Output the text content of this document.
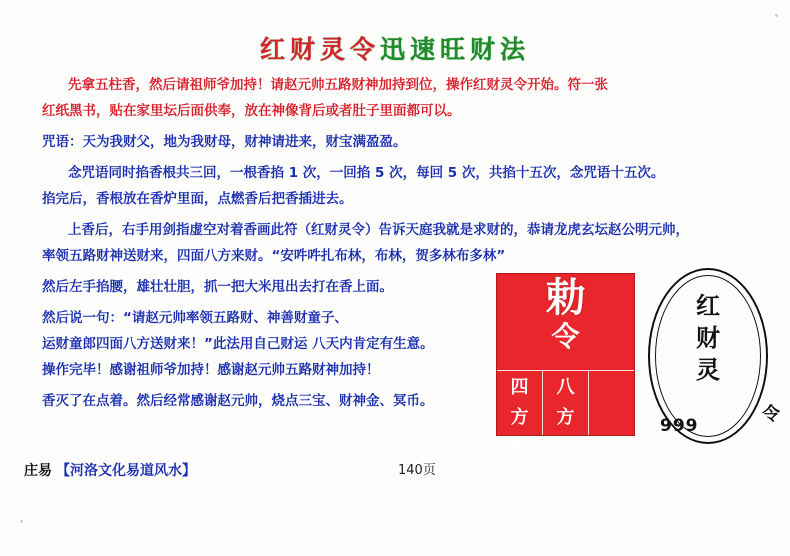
红财灵令迅速旺财法
先拿五柱香，然后请祖师爷加持！请赵元帅五路财神加持到位，操作红财灵令开始。符一张
红纸黑书，贴在家里坛后面供奉，放在神像背后或者肚子里面都可以。
咒语：天为我财父，地为我财母，财神请进来，财宝满盈盈。
念咒语同时掐香根共三回，一根香掐 1 次，一回掐 5 次，每回 5 次，共掐十五次，念咒语十五次。
掐完后，香根放在香炉里面，点燃香后把香插进去。
上香后，右手用剑指虚空对着香画此符（红财灵令）告诉天庭我就是求财的，恭请龙虎玄坛赵公明元帅，
率领五路财神送财来，四面八方来财。“安吽吽扎布林，布林，贺多林布多林”
然后左手掐腰，雄壮壮胆，抓一把大米甩出去打在香上面。
然后说一句：“请赵元帅率领五路财、神善财童子、
运财童郎四面八方送财来！”此法用自己财运 八天内肯定有生意。
操作完毕！感谢祖师爷加持！感谢赵元帅五路财神加持！
香灭了在点着。然后经常感谢赵元帅，烧点三宝、财神金、冥币。
勅
令
四
方
顺
八
方
财
红
财
灵
999
令
庄易 【河洛文化易道风水】	140页
